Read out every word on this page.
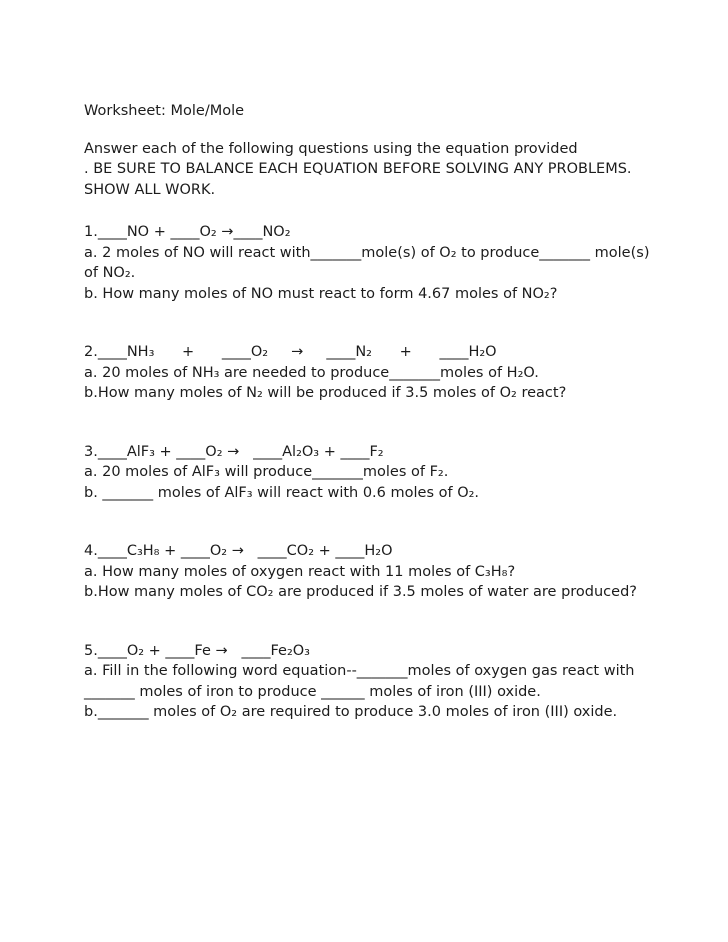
Worksheet: Mole/Mole

Answer each of the following questions using the equation provided

. BE SURE TO BALANCE EACH EQUATION BEFORE SOLVING ANY PROBLEMS.

SHOW ALL WORK.

1.____NO + ____O₂ →____NO₂

a. 2 moles of NO will react with_______mole(s) of O₂ to produce_______ mole(s) of NO₂.

b. How many moles of NO must react to form 4.67 moles of NO₂?

2.____NH₃      +      ____O₂     →     ____N₂      +      ____H₂O

a. 20 moles of NH₃ are needed to produce_______moles of H₂O.

b.How many moles of N₂ will be produced if 3.5 moles of O₂ react?

3.____AlF₃ + ____O₂ →   ____Al₂O₃ + ____F₂

a. 20 moles of AlF₃ will produce_______moles of F₂.

b. _______ moles of AlF₃ will react with 0.6 moles of O₂.

4.____C₃H₈ + ____O₂ →   ____CO₂ + ____H₂O

a. How many moles of oxygen react with 11 moles of C₃H₈?

b.How many moles of CO₂ are produced if 3.5 moles of water are produced?

5.____O₂ + ____Fe →   ____Fe₂O₃

a. Fill in the following word equation--_______moles of oxygen gas react with _______ moles of iron to produce ______ moles of iron (III) oxide.

b._______ moles of O₂ are required to produce 3.0 moles of iron (III) oxide.
